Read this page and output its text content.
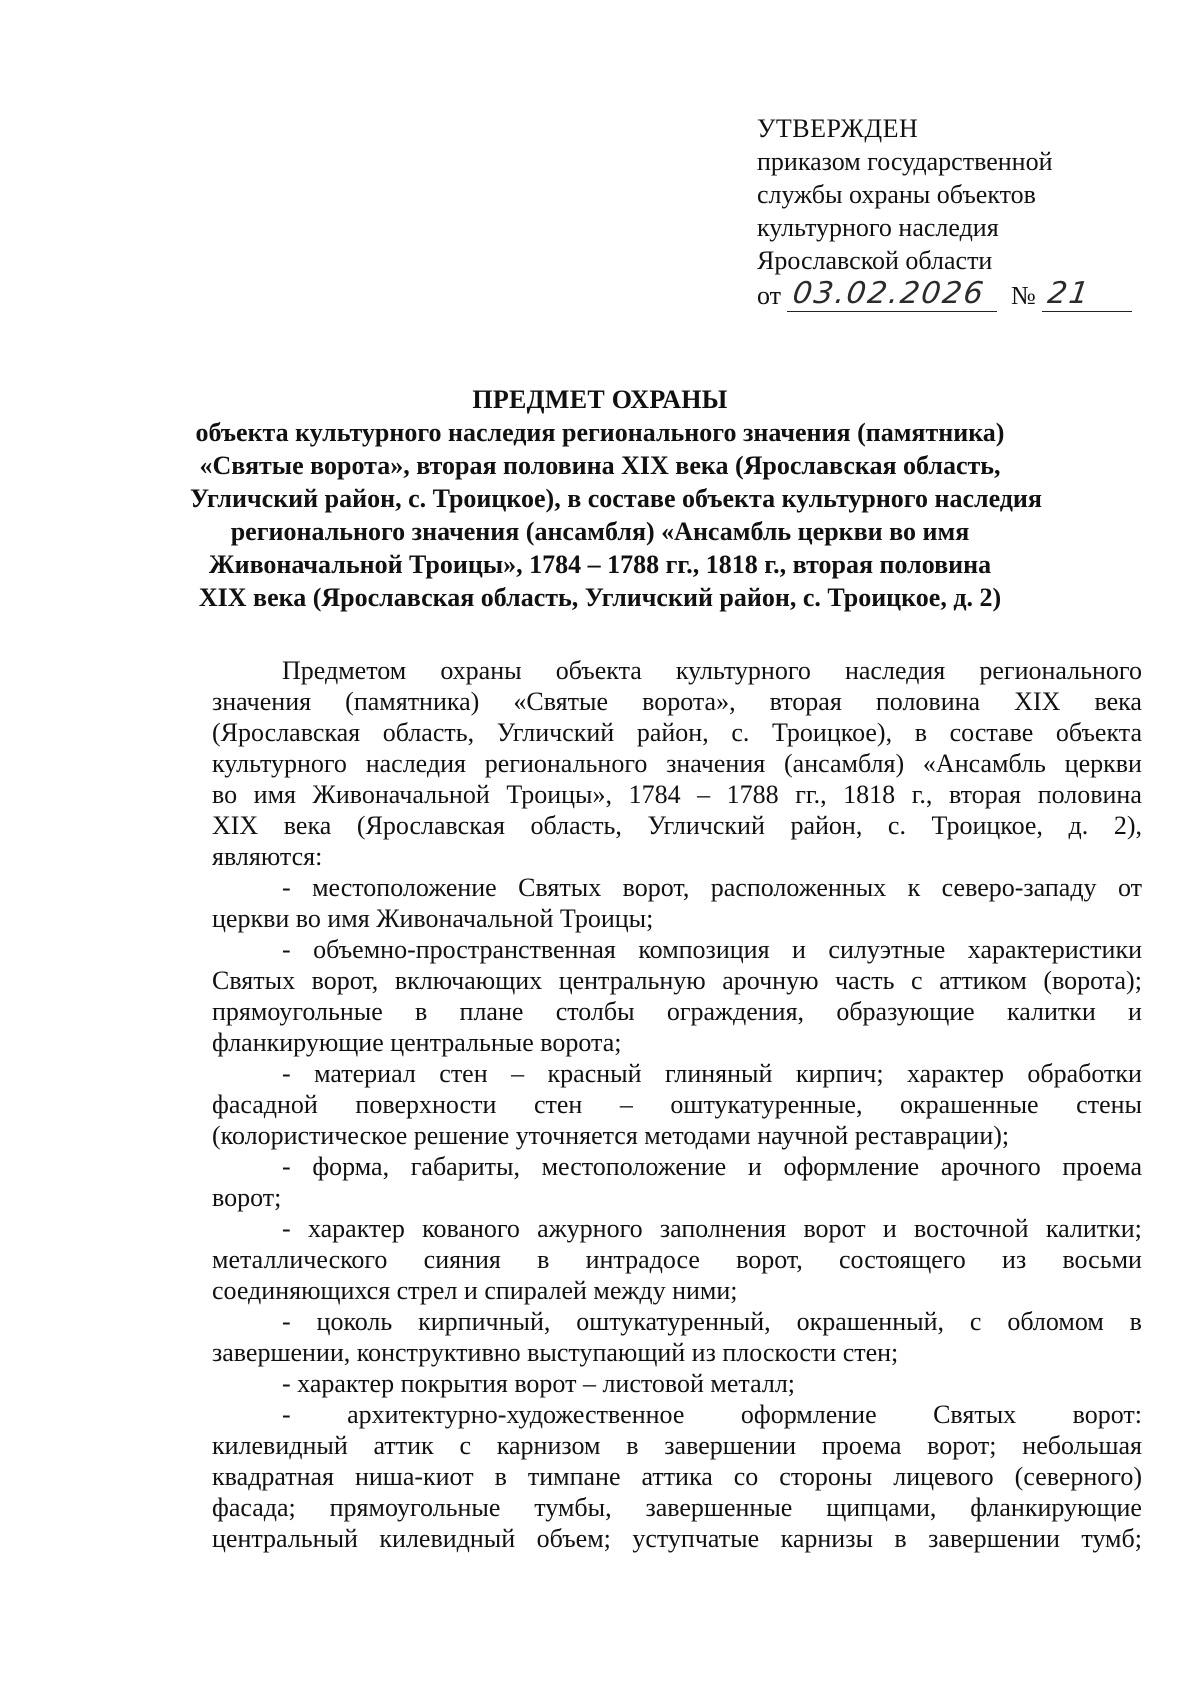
УТВЕРЖДЕН
приказом государственной
службы охраны объектов
культурного наследия
Ярославской области
от 03.02.2026 № 21
ПРЕДМЕТ ОХРАНЫ
объекта культурного наследия регионального значения (памятника)
«Святые ворота», вторая половина XIX века (Ярославская область,
Угличский район, с. Троицкое), в составе объекта культурного наследия
регионального значения (ансамбля) «Ансамбль церкви во имя
Живоначальной Троицы», 1784 – 1788 гг., 1818 г., вторая половина
XIX века (Ярославская область, Угличский район, с. Троицкое, д. 2)
Предметом охраны объекта культурного наследия регионального
значения (памятника) «Святые ворота», вторая половина XIX века
(Ярославская область, Угличский район, с. Троицкое), в составе объекта
культурного наследия регионального значения (ансамбля) «Ансамбль церкви
во имя Живоначальной Троицы», 1784 – 1788 гг., 1818 г., вторая половина
XIX века (Ярославская область, Угличский район, с. Троицкое, д. 2),
являются:
- местоположение Святых ворот, расположенных к северо-западу от
церкви во имя Живоначальной Троицы;
- объемно-пространственная композиция и силуэтные характеристики
Святых ворот, включающих центральную арочную часть с аттиком (ворота);
прямоугольные в плане столбы ограждения, образующие калитки и
фланкирующие центральные ворота;
- материал стен – красный глиняный кирпич; характер обработки
фасадной поверхности стен – оштукатуренные, окрашенные стены
(колористическое решение уточняется методами научной реставрации);
- форма, габариты, местоположение и оформление арочного проема
ворот;
- характер кованого ажурного заполнения ворот и восточной калитки;
металлического сияния в интрадосе ворот, состоящего из восьми
соединяющихся стрел и спиралей между ними;
- цоколь кирпичный, оштукатуренный, окрашенный, с обломом в
завершении, конструктивно выступающий из плоскости стен;
- характер покрытия ворот – листовой металл;
- архитектурно-художественное оформление Святых ворот:
килевидный аттик с карнизом в завершении проема ворот; небольшая
квадратная ниша-киот в тимпане аттика со стороны лицевого (северного)
фасада; прямоугольные тумбы, завершенные щипцами, фланкирующие
центральный килевидный объем; уступчатые карнизы в завершении тумб;
